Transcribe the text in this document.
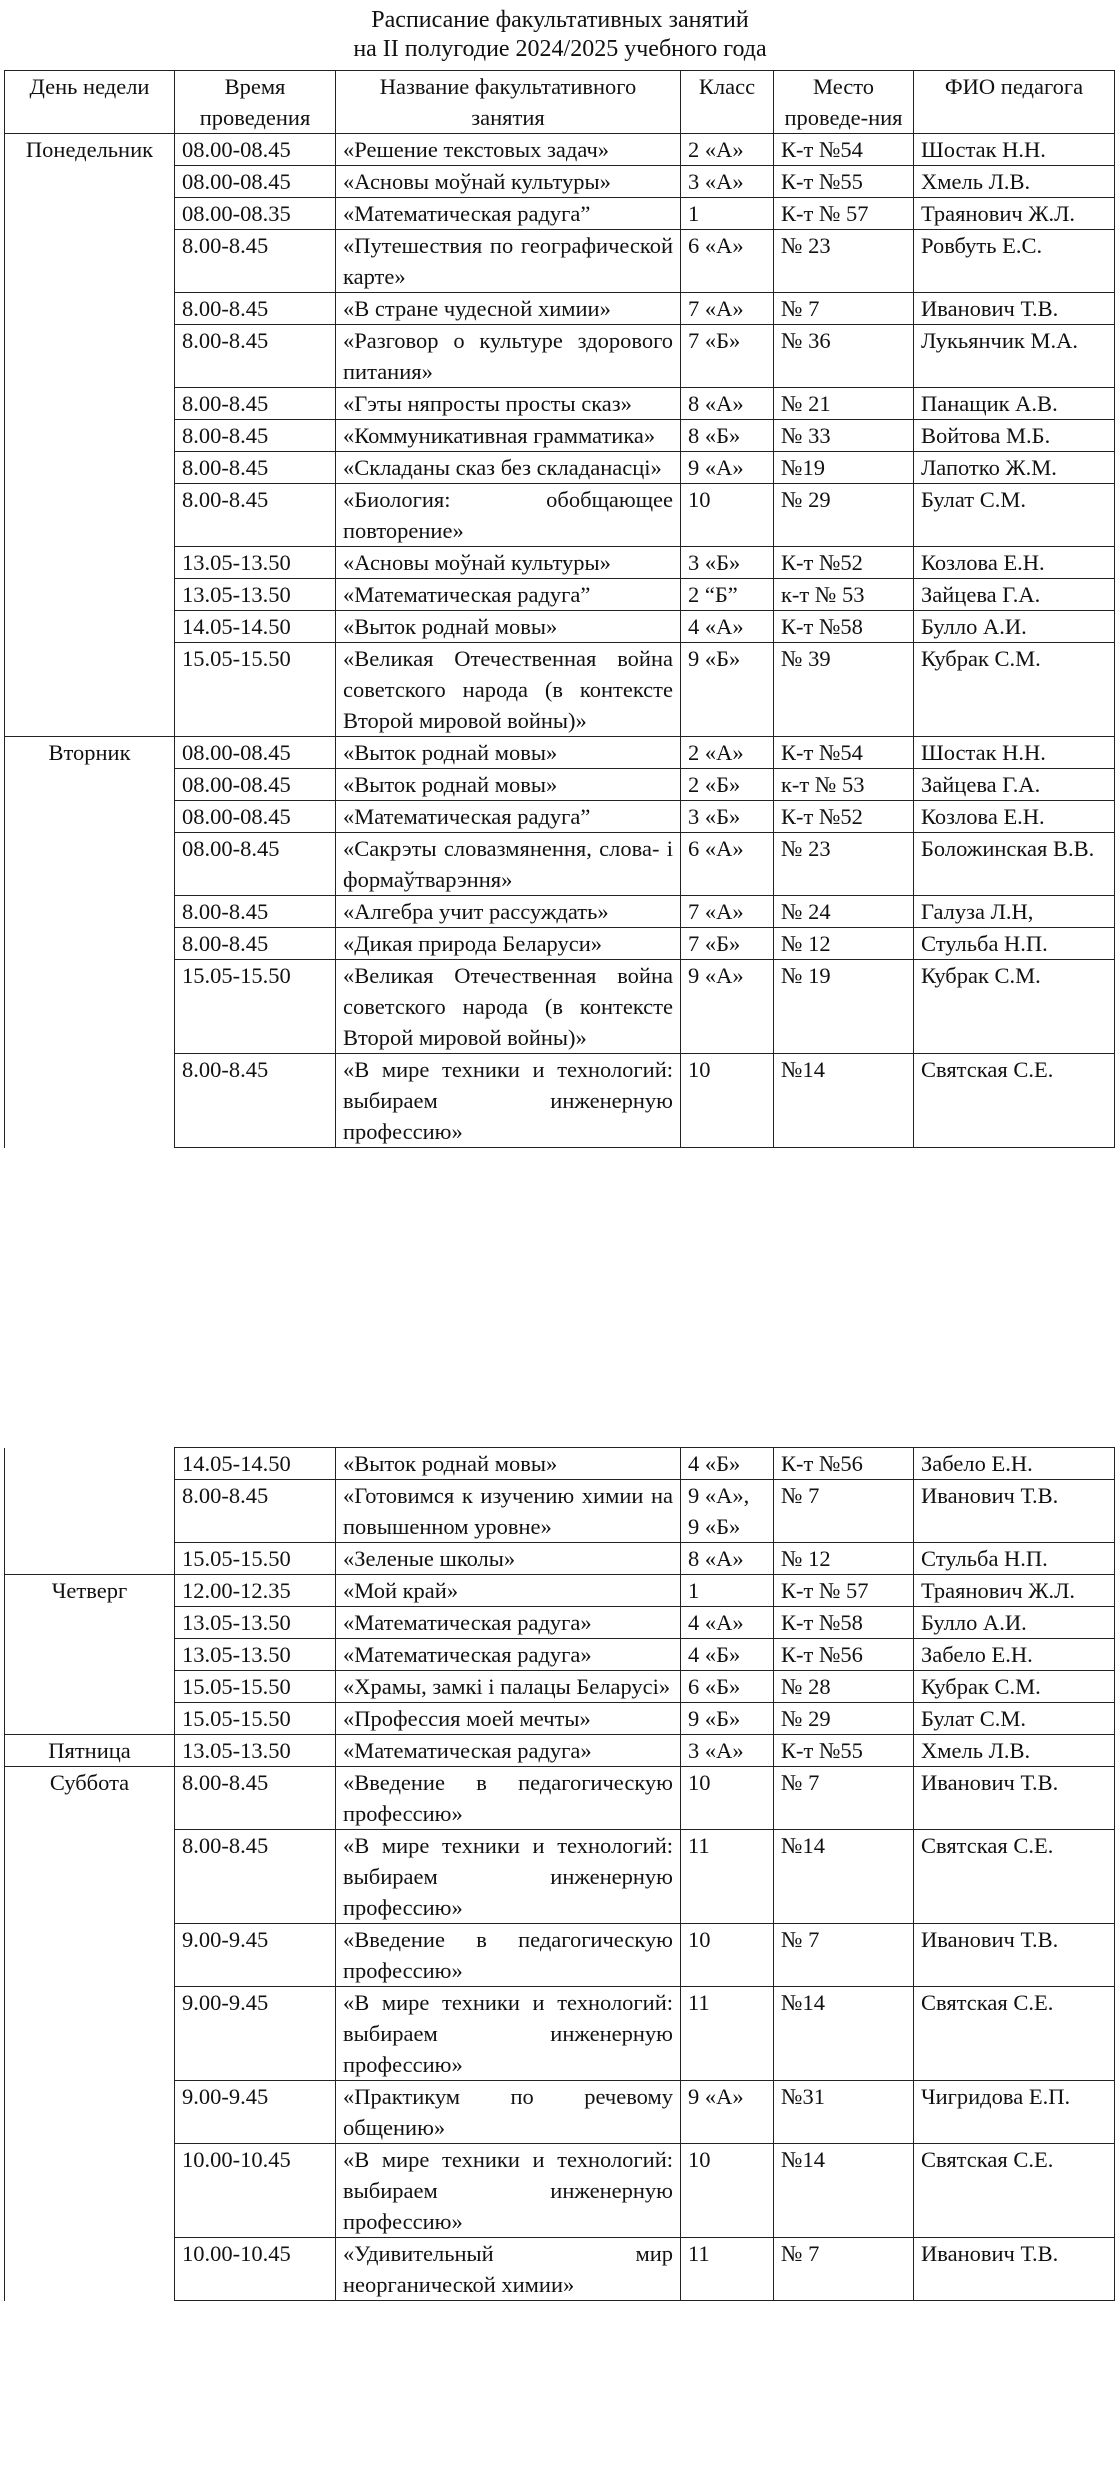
Расписание факультативных занятий
на II полугодие 2024/2025 учебного года
День недели	Время проведения	Название факультативного занятия	Класс	Место проведе-ния	ФИО педагога
Понедельник	08.00-08.45	«Решение текстовых задач»	2 «А»	К-т №54	Шостак Н.Н.
	08.00-08.45	«Асновы моўнай культуры»	3 «А»	К-т №55	Хмель Л.В.
	08.00-08.35	«Математическая радуга”	1	К-т № 57	Траянович Ж.Л.
	8.00-8.45	«Путешествия по географической карте»	6 «А»	№ 23	Ровбуть Е.С.
	8.00-8.45	«В стране чудесной химии»	7 «А»	№ 7	Иванович Т.В.
	8.00-8.45	«Разговор о культуре здорового питания»	7 «Б»	№ 36	Лукьянчик М.А.
	8.00-8.45	«Гэты няпросты просты сказ»	8 «А»	№ 21	Панащик А.В.
	8.00-8.45	«Коммуникативная грамматика»	8 «Б»	№ 33	Войтова М.Б.
	8.00-8.45	«Складаны сказ без складанасці»	9 «А»	№19	Лапотко Ж.М.
	8.00-8.45	«Биология: обобщающее повторение»	10	№ 29	Булат С.М.
	13.05-13.50	«Асновы моўнай культуры»	3 «Б»	К-т №52	Козлова Е.Н.
	13.05-13.50	«Математическая радуга”	2 “Б”	к-т № 53	Зайцева Г.А.
	14.05-14.50	«Выток роднай мовы»	4 «А»	К-т №58	Булло А.И.
	15.05-15.50	«Великая Отечественная война советского народа (в контексте Второй мировой войны)»	9 «Б»	№ 39	Кубрак С.М.
Вторник	08.00-08.45	«Выток роднай мовы»	2 «А»	К-т №54	Шостак Н.Н.
	08.00-08.45	«Выток роднай мовы»	2 «Б»	к-т № 53	Зайцева Г.А.
	08.00-08.45	«Математическая радуга”	3 «Б»	К-т №52	Козлова Е.Н.
	08.00-8.45	«Сакрэты словазмянення, слова- і формаўтварэння»	6 «А»	№ 23	Боложинская В.В.
	8.00-8.45	«Алгебра учит рассуждать»	7 «А»	№ 24	Галуза Л.Н,
	8.00-8.45	«Дикая природа Беларуси»	7 «Б»	№ 12	Стульба Н.П.
	15.05-15.50	«Великая Отечественная война советского народа (в контексте Второй мировой войны)»	9 «А»	№ 19	Кубрак С.М.
	8.00-8.45	«В мире техники и технологий: выбираем инженерную профессию»	10	№14	Святская С.Е.
	14.05-14.50	«Выток роднай мовы»	4 «Б»	К-т №56	Забело Е.Н.
	8.00-8.45	«Готовимся к изучению химии на повышенном уровне»	9 «А», 9 «Б»	№ 7	Иванович Т.В.
	15.05-15.50	«Зеленые школы»	8 «А»	№ 12	Стульба Н.П.
Четверг	12.00-12.35	«Мой край»	1	К-т № 57	Траянович Ж.Л.
	13.05-13.50	«Математическая радуга»	4 «А»	К-т №58	Булло А.И.
	13.05-13.50	«Математическая радуга»	4 «Б»	К-т №56	Забело Е.Н.
	15.05-15.50	«Храмы, замкі і палацы Беларусі»	6 «Б»	№ 28	Кубрак С.М.
	15.05-15.50	«Профессия моей мечты»	9 «Б»	№ 29	Булат С.М.
Пятница	13.05-13.50	«Математическая радуга»	3 «А»	К-т №55	Хмель Л.В.
Суббота	8.00-8.45	«Введение в педагогическую профессию»	10	№ 7	Иванович Т.В.
	8.00-8.45	«В мире техники и технологий: выбираем инженерную профессию»	11	№14	Святская С.Е.
	9.00-9.45	«Введение в педагогическую профессию»	10	№ 7	Иванович Т.В.
	9.00-9.45	«В мире техники и технологий: выбираем инженерную профессию»	11	№14	Святская С.Е.
	9.00-9.45	«Практикум по речевому общению»	9 «А»	№31	Чигридова Е.П.
	10.00-10.45	«В мире техники и технологий: выбираем инженерную профессию»	10	№14	Святская С.Е.
	10.00-10.45	«Удивительный мир неорганической химии»	11	№ 7	Иванович Т.В.
